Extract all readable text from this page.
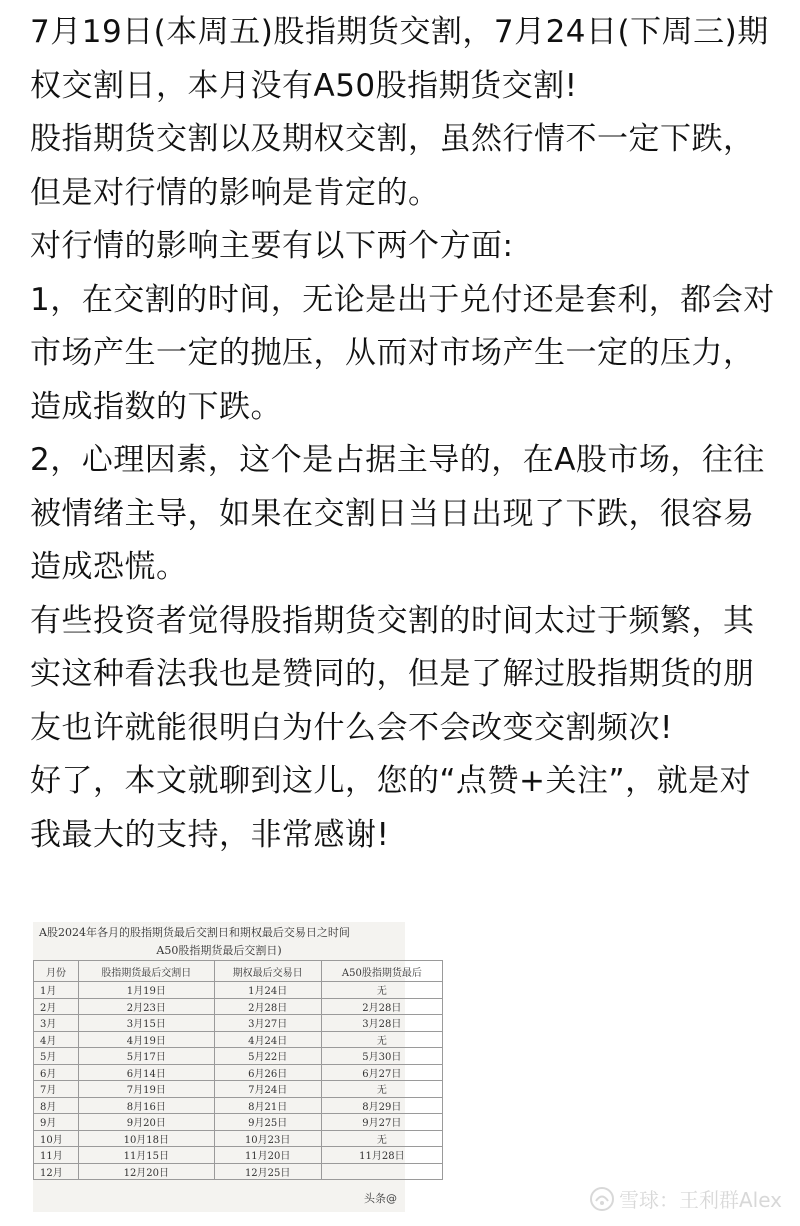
7月19日(本周五)股指期货交割，7月24日(下周三)期权交割日，本月没有A50股指期货交割!

股指期货交割以及期权交割，虽然行情不一定下跌，但是对行情的影响是肯定的。

对行情的影响主要有以下两个方面:

1，在交割的时间，无论是出于兑付还是套利，都会对市场产生一定的抛压，从而对市场产生一定的压力，造成指数的下跌。

2，心理因素，这个是占据主导的，在A股市场，往往被情绪主导，如果在交割日当日出现了下跌，很容易造成恐慌。

有些投资者觉得股指期货交割的时间太过于频繁，其实这种看法我也是赞同的，但是了解过股指期货的朋友也许就能很明白为什么会不会改变交割频次!

好了，本文就聊到这儿，您的“点赞+关注”，就是对我最大的支持，非常感谢!

A股2024年各月的股指期货最后交割日和期权最后交易日之时间
A50股指期货最后交割日)
月份	股指期货最后交割日	期权最后交易日	A50股指期货最后
1月	1月19日	1月24日	无
2月	2月23日	2月28日	2月28日
3月	3月15日	3月27日	3月28日
4月	4月19日	4月24日	无
5月	5月17日	5月22日	5月30日
6月	6月14日	6月26日	6月27日
7月	7月19日	7月24日	无
8月	8月16日	8月21日	8月29日
9月	9月20日	9月25日	9月27日
10月	10月18日	10月23日	无
11月	11月15日	11月20日	11月28日
12月	12月20日	12月25日	
头条@	雪球：王利群Alex
